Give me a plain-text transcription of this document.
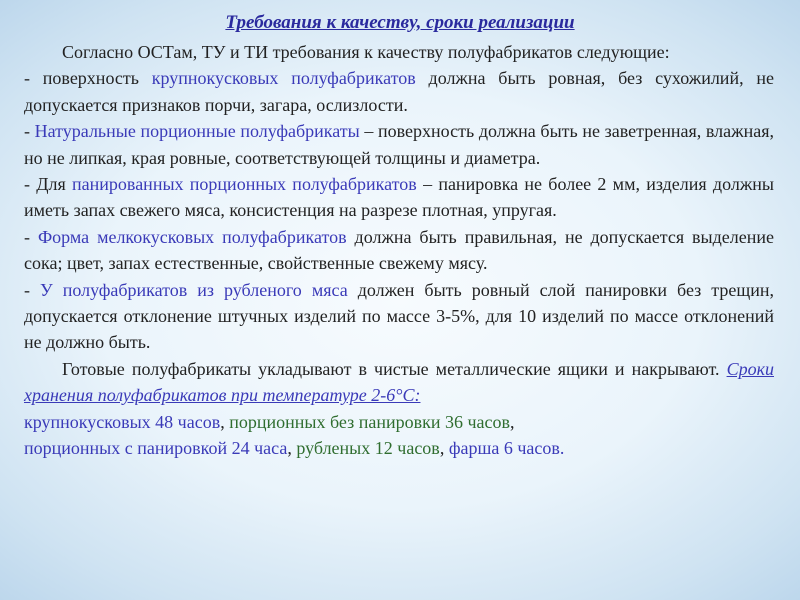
Требования к качеству, сроки реализации

Согласно ОСТам, ТУ и ТИ требования к качеству полуфабрикатов следующие:

- поверхность крупнокусковых полуфабрикатов должна быть ровная, без сухожилий, не допускается признаков порчи, загара, ослизлости.

- Натуральные порционные полуфабрикаты – поверхность должна быть не заветренная, влажная, но не липкая, края ровные, соответствующей толщины и диаметра.

- Для панированных порционных полуфабрикатов – панировка не более 2 мм, изделия должны иметь запах свежего мяса, консистенция на разрезе плотная, упругая.

- Форма мелкокусковых полуфабрикатов должна быть правильная, не допускается выделение сока; цвет, запах естественные, свойственные свежему мясу.

- У полуфабрикатов из рубленого мяса должен быть ровный слой панировки без трещин, допускается отклонение штучных изделий по массе 3-5%, для 10 изделий по массе отклонений не должно быть.

Готовые полуфабрикаты укладывают в чистые металлические ящики и накрывают. Сроки хранения полуфабрикатов при температуре 2-6°С:

крупнокусковых 48 часов, порционных без панировки 36 часов,
порционных с панировкой 24 часа, рубленых 12 часов, фарша 6 часов.
